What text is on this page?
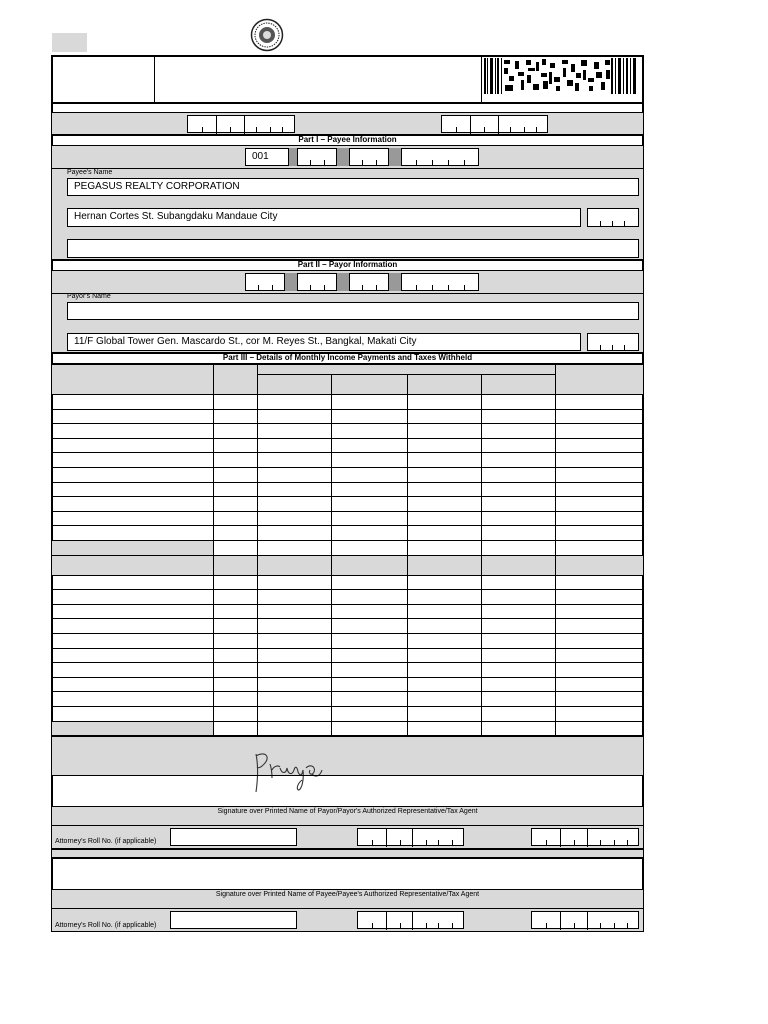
Part I – Payee Information
001
Payee's Name
PEGASUS REALTY CORPORATION
Hernan Cortes St. Subangdaku Mandaue City
Part II – Payor Information
Payor's Name
11/F Global Tower Gen. Mascardo St., cor M. Reyes St., Bangkal, Makati City
Part III – Details of Monthly Income Payments and Taxes Withheld
Signature over Printed Name of Payor/Payor's Authorized Representative/Tax Agent
Attorney's Roll No. (if applicable)
Signature over Printed Name of Payee/Payee's Authorized Representative/Tax Agent
Attorney's Roll No. (if applicable)
